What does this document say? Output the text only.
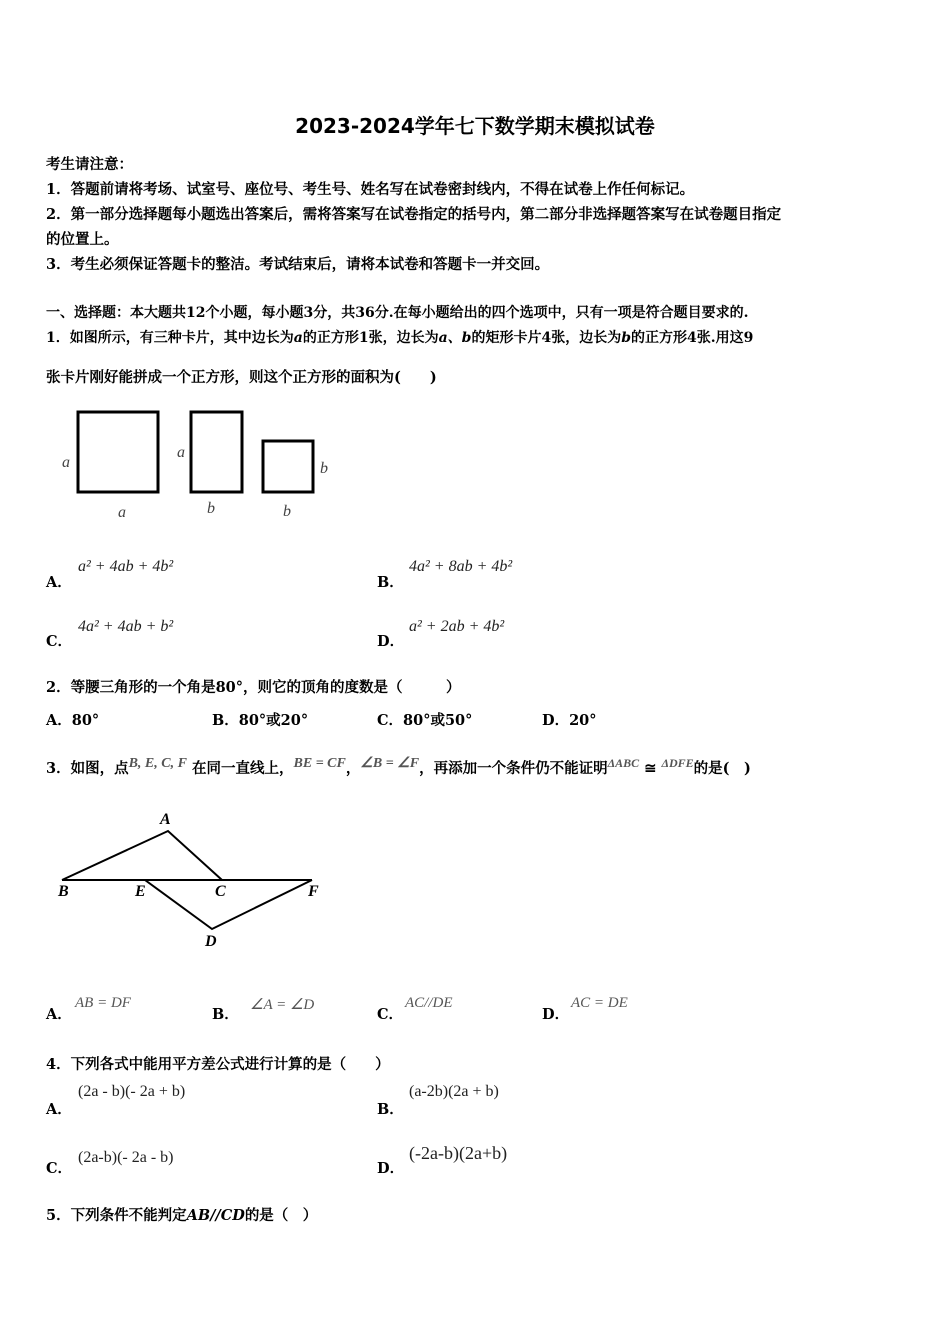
2023-2024学年七下数学期末模拟试卷
考生请注意：
1．答题前请将考场、试室号、座位号、考生号、姓名写在试卷密封线内，不得在试卷上作任何标记。
2．第一部分选择题每小题选出答案后，需将答案写在试卷指定的括号内，第二部分非选择题答案写在试卷题目指定
的位置上。
3．考生必须保证答题卡的整洁。考试结束后，请将本试卷和答题卡一并交回。
一、选择题：本大题共12个小题，每小题3分，共36分.在每小题给出的四个选项中，只有一项是符合题目要求的.
1．如图所示，有三种卡片，其中边长为a的正方形1张，边长为a、b的矩形卡片4张，边长为b的正方形4张.用这9
张卡片刚好能拼成一个正方形，则这个正方形的面积为(　　)
a
a
a
b
b
b
A．
a² + 4ab + 4b²
B．
4a² + 8ab + 4b²
C．
4a² + 4ab + b²
D．
a² + 2ab + 4b²
2．等腰三角形的一个角是80°，则它的顶角的度数是（　　　）
A．80°	B．80°或20°	C．80°或50°	D．20°
3．如图，点B, E, C, F 在同一直线上，BE = CF，∠B = ∠F，再添加一个条件仍不能证明$^{\Delta ABC}$ ≅ $^{\Delta DFE}$的是(　)
A
B	E	C	F
D
A．
AB = DF
B．
∠A = ∠D
C．
AC//DE
D．
AC = DE
4．下列各式中能用平方差公式进行计算的是（　　）
A．
(2a - b)(- 2a + b)
B．
(a-2b)(2a + b)
C．
(2a-b)(- 2a - b)
D．
(-2a-b)(2a+b)
5．下列条件不能判定AB//CD的是（　）
